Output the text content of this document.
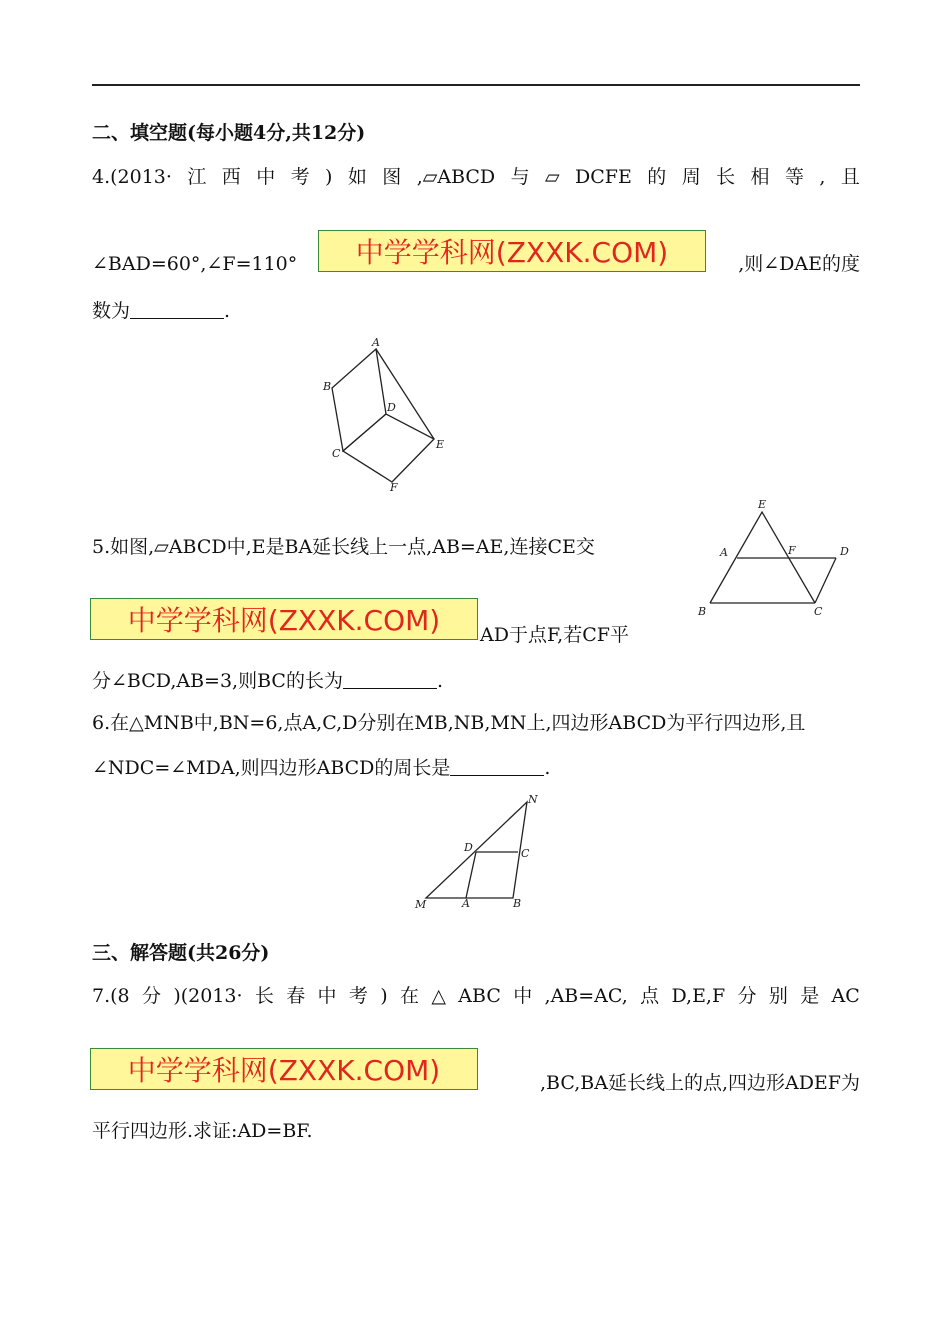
二、填空题(每小题4分,共12分)
4.(2013· 江 西 中 考 ) 如 图 ,▱ABCD 与 ▱ DCFE 的 周 长 相 等 , 且
∠BAD=60°,∠F=110°	中学学科网(ZXXK.COM)	,则∠DAE的度
数为	.
A
B
C
D
E
F
5.如图,▱ABCD中,E是BA延长线上一点,AB=AE,连接CE交
中学学科网(ZXXK.COM)	AD于点F,若CF平
分∠BCD,AB=3,则BC的长为	.
E
A	F	D
B	C
6.在△MNB中,BN=6,点A,C,D分别在MB,NB,MN上,四边形ABCD为平行四边形,且
∠NDC=∠MDA,则四边形ABCD的周长是	.
N
D	C
M	A	B
三、解答题(共26分)
7.(8 分 )(2013· 长 春 中 考 ) 在 △ ABC 中 ,AB=AC, 点 D,E,F 分 别 是 AC
中学学科网(ZXXK.COM)	,BC,BA延长线上的点,四边形ADEF为
平行四边形.求证:AD=BF.
